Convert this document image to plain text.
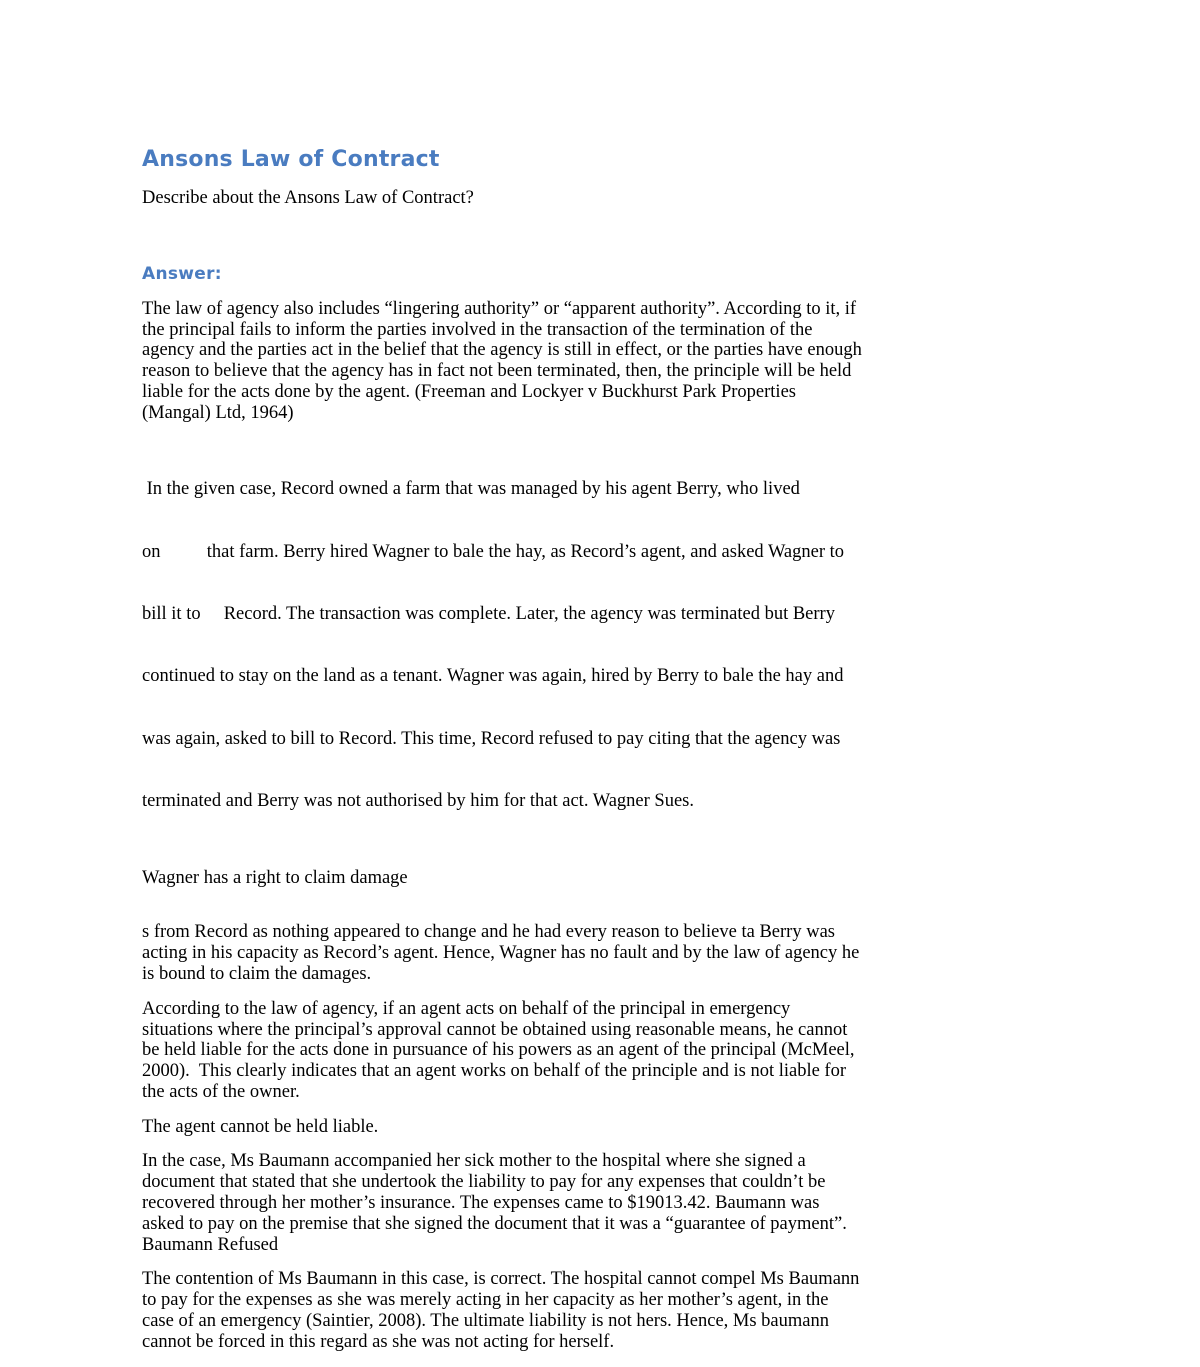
Ansons Law of Contract

Describe about the Ansons Law of Contract?

Answer:

The law of agency also includes “lingering authority” or “apparent authority”. According to it, if
the principal fails to inform the parties involved in the transaction of the termination of the
agency and the parties act in the belief that the agency is still in effect, or the parties have enough
reason to believe that the agency has in fact not been terminated, then, the principle will be held
liable for the acts done by the agent. (Freeman and Lockyer v Buckhurst Park Properties
(Mangal) Ltd, 1964)

In the given case, Record owned a farm that was managed by his agent Berry, who lived

on          that farm. Berry hired Wagner to bale the hay, as Record’s agent, and asked Wagner to

bill it to     Record. The transaction was complete. Later, the agency was terminated but Berry

continued to stay on the land as a tenant. Wagner was again, hired by Berry to bale the hay and

was again, asked to bill to Record. This time, Record refused to pay citing that the agency was

terminated and Berry was not authorised by him for that act. Wagner Sues.

Wagner has a right to claim damage

s from Record as nothing appeared to change and he had every reason to believe ta Berry was
acting in his capacity as Record’s agent. Hence, Wagner has no fault and by the law of agency he
is bound to claim the damages.

According to the law of agency, if an agent acts on behalf of the principal in emergency
situations where the principal’s approval cannot be obtained using reasonable means, he cannot
be held liable for the acts done in pursuance of his powers as an agent of the principal (McMeel,
2000).  This clearly indicates that an agent works on behalf of the principle and is not liable for
the acts of the owner.

The agent cannot be held liable.

In the case, Ms Baumann accompanied her sick mother to the hospital where she signed a
document that stated that she undertook the liability to pay for any expenses that couldn’t be
recovered through her mother’s insurance. The expenses came to $19013.42. Baumann was
asked to pay on the premise that she signed the document that it was a “guarantee of payment”.
Baumann Refused

The contention of Ms Baumann in this case, is correct. The hospital cannot compel Ms Baumann
to pay for the expenses as she was merely acting in her capacity as her mother’s agent, in the
case of an emergency (Saintier, 2008). The ultimate liability is not hers. Hence, Ms baumann
cannot be forced in this regard as she was not acting for herself.
